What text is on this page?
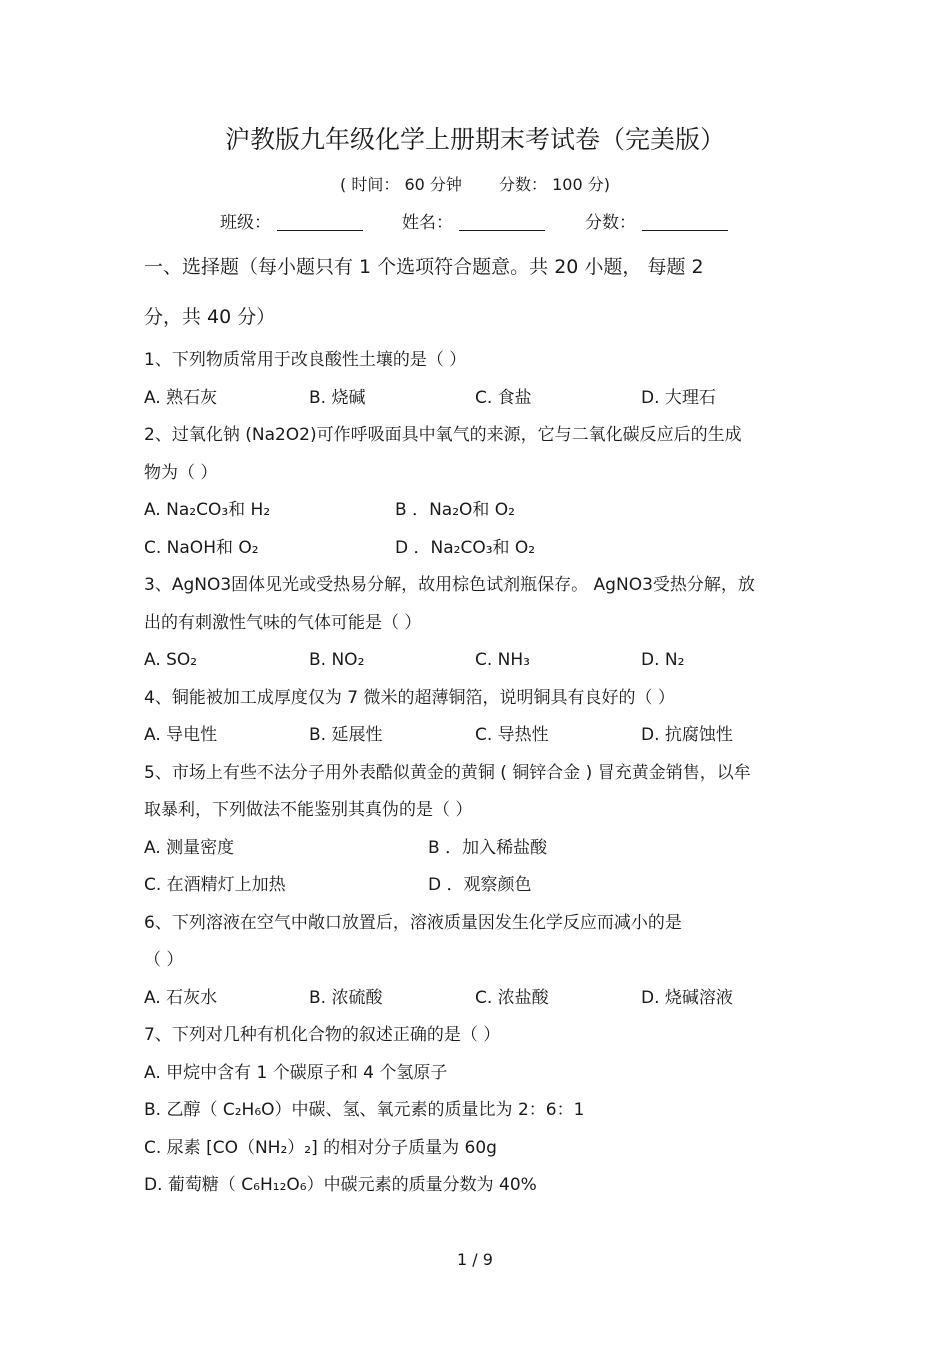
沪教版九年级化学上册期末考试卷（完美版）
( 时间： 60 分钟 分数： 100 分)
班级：	姓名：	分数：
一、选择题（每小题只有 1 个选项符合题意。共 20 小题， 每题 2
分，共 40 分）
1、下列物质常用于改良酸性土壤的是（ ）
A. 熟石灰	B. 烧碱	C. 食盐	D. 大理石
2、过氧化钠 (Na2O2)可作呼吸面具中氧气的来源，它与二氧化碳反应后的生成
物为（ ）
A. Na₂CO₃和 H₂	B ．Na₂O和 O₂
C. NaOH和 O₂	D ．Na₂CO₃和 O₂
3、AgNO3固体见光或受热易分解，故用棕色试剂瓶保存。 AgNO3受热分解，放
出的有刺激性气味的气体可能是（ ）
A. SO₂	B. NO₂	C. NH₃	D. N₂
4、铜能被加工成厚度仅为 7 微米的超薄铜箔，说明铜具有良好的（ ）
A. 导电性	B. 延展性	C. 导热性	D. 抗腐蚀性
5、市场上有些不法分子用外表酷似黄金的黄铜 ( 铜锌合金 ) 冒充黄金销售，以牟
取暴利，下列做法不能鉴别其真伪的是（ ）
A. 测量密度	B ．加入稀盐酸
C. 在酒精灯上加热	D ．观察颜色
6、下列溶液在空气中敞口放置后，溶液质量因发生化学反应而减小的是
（ ）
A. 石灰水	B. 浓硫酸	C. 浓盐酸	D. 烧碱溶液
7、下列对几种有机化合物的叙述正确的是（ ）
A. 甲烷中含有 1 个碳原子和 4 个氢原子
B. 乙醇（ C₂H₆O）中碳、氢、氧元素的质量比为 2：6：1
C. 尿素 [CO（NH₂）₂] 的相对分子质量为 60g
D. 葡萄糖（ C₆H₁₂O₆）中碳元素的质量分数为 40%
1 / 9
